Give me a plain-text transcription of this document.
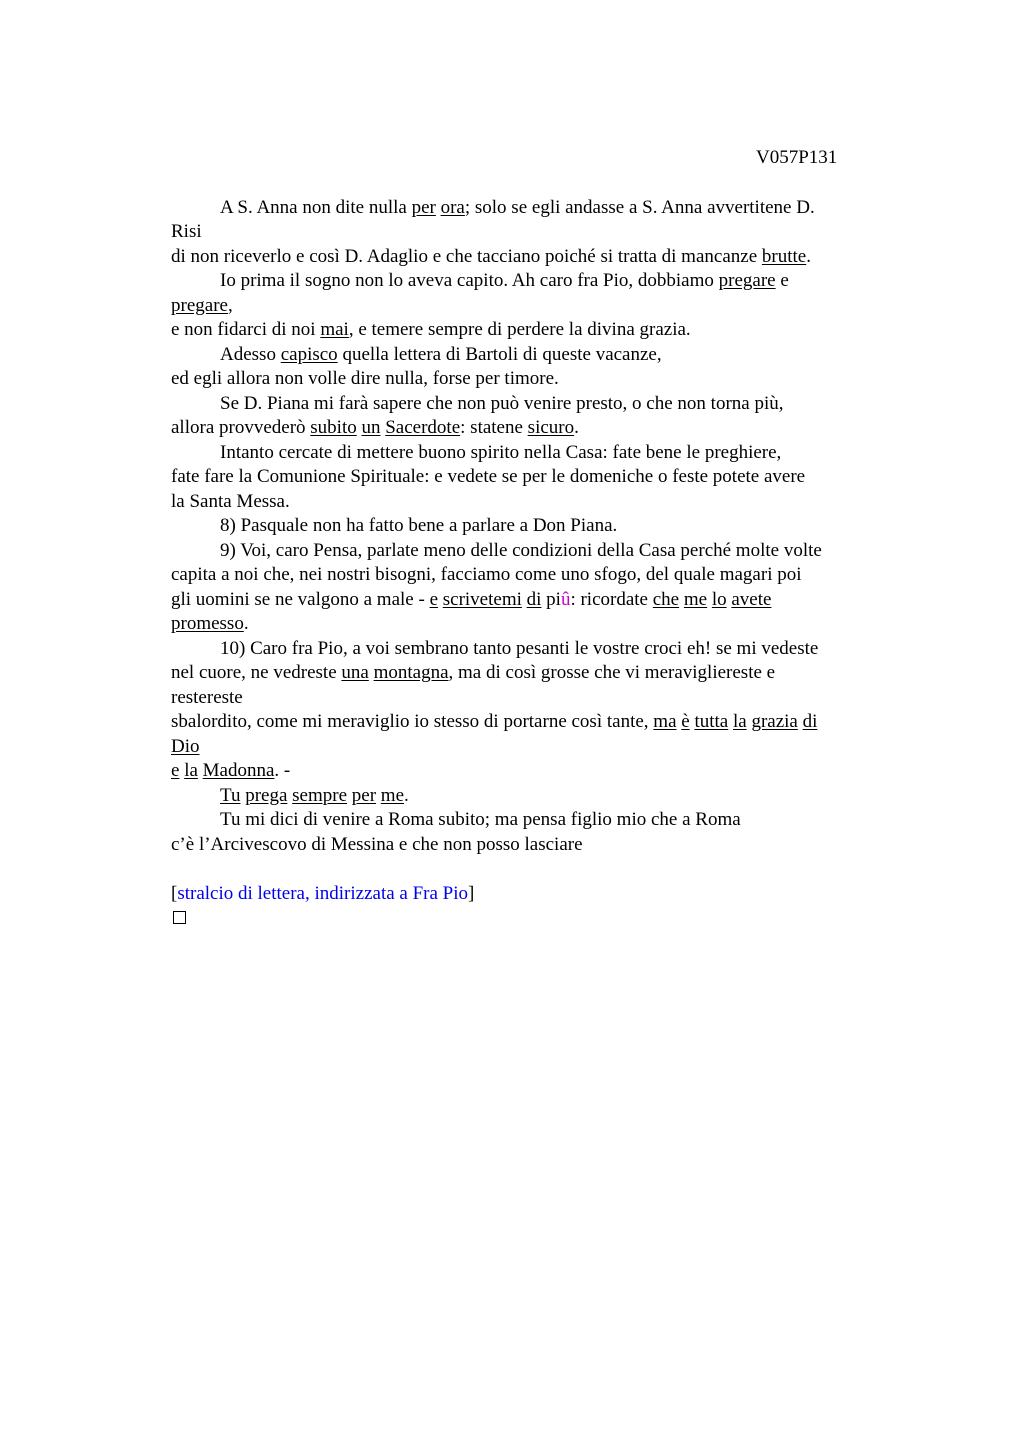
V057P131
A S. Anna non dite nulla per ora; solo se egli andasse a S. Anna avvertitene D.
Risi
di non riceverlo e così D. Adaglio e che tacciano poiché si tratta di mancanze brutte.
Io prima il sogno non lo aveva capito. Ah caro fra Pio, dobbiamo pregare e
pregare,
e non fidarci di noi mai, e temere sempre di perdere la divina grazia.
Adesso capisco quella lettera di Bartoli di queste vacanze,
ed egli allora non volle dire nulla, forse per timore.
Se D. Piana mi farà sapere che non può venire presto, o che non torna più,
allora provvederò subito un Sacerdote: statene sicuro.
Intanto cercate di mettere buono spirito nella Casa: fate bene le preghiere,
fate fare la Comunione Spirituale: e vedete se per le domeniche o feste potete avere
la Santa Messa.
8) Pasquale non ha fatto bene a parlare a Don Piana.
9) Voi, caro Pensa, parlate meno delle condizioni della Casa perché molte volte
capita a noi che, nei nostri bisogni, facciamo come uno sfogo, del quale magari poi
gli uomini se ne valgono a male - e scrivetemi di piû: ricordate che me lo avete
promesso.
10) Caro fra Pio, a voi sembrano tanto pesanti le vostre croci eh! se mi vedeste
nel cuore, ne vedreste una montagna, ma di così grosse che vi meravigliereste e
restereste
sbalordito, come mi meraviglio io stesso di portarne così tante, ma è tutta la grazia di
Dio
e la Madonna. -
Tu prega sempre per me.
Tu mi dici di venire a Roma subito; ma pensa figlio mio che a Roma
c’è l’Arcivescovo di Messina e che non posso lasciare
[stralcio di lettera, indirizzata a Fra Pio]
